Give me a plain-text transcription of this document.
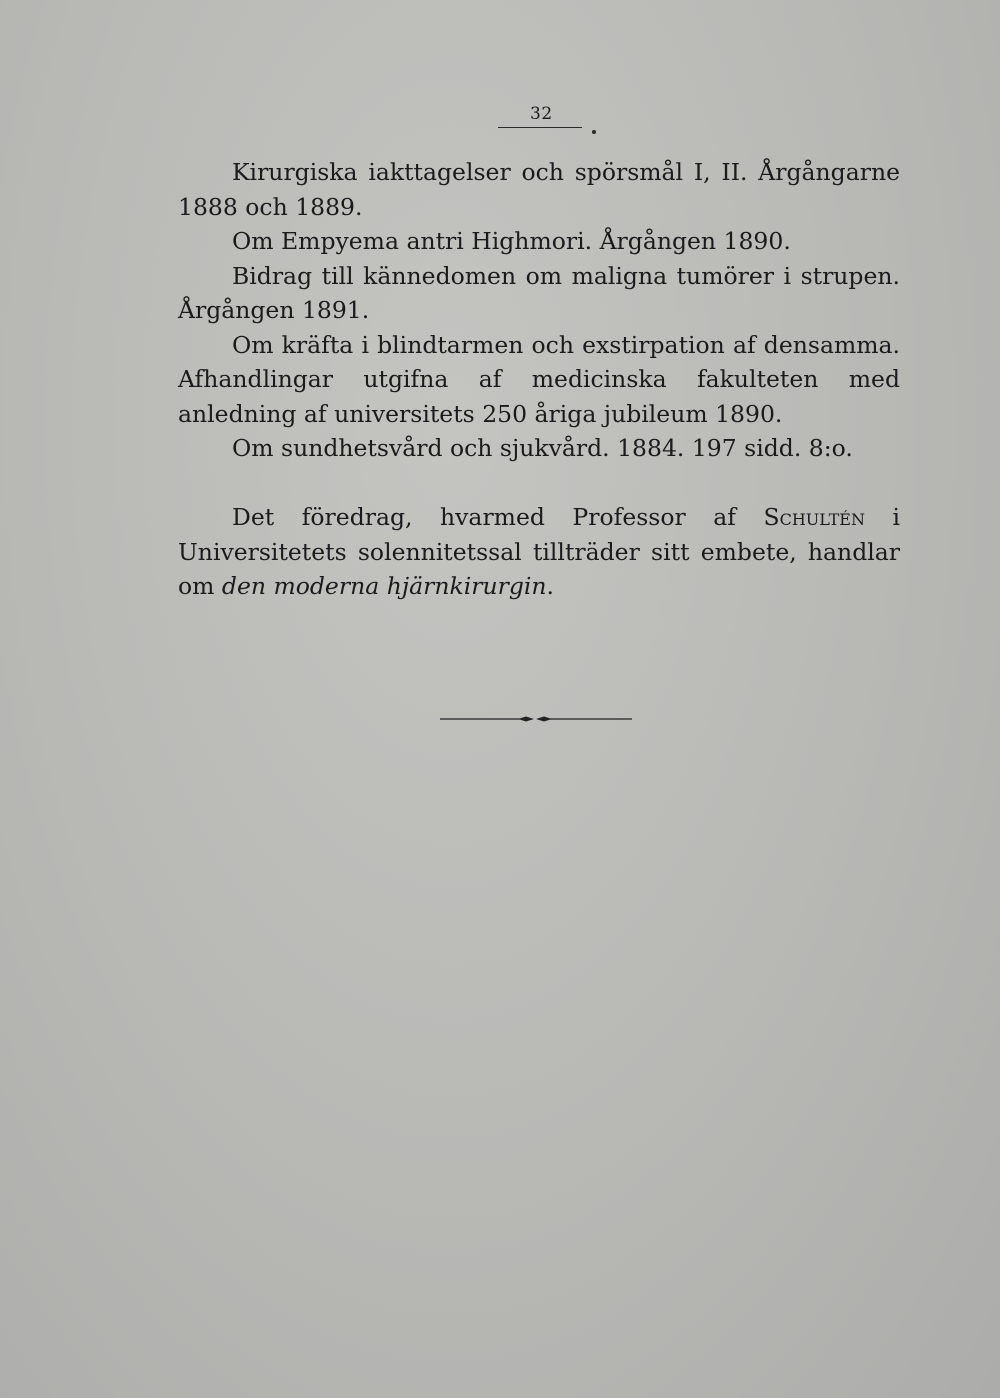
32

Kirurgiska iakttagelser och spörsmål I, II. Årgångarne 1888 och 1889.

Om Empyema antri Highmori. Årgången 1890.

Bidrag till kännedomen om maligna tumörer i strupen. Årgången 1891.

Om kräfta i blindtarmen och exstirpation af densamma. Afhandlingar utgifna af medicinska fakulteten med anledning af universitets 250 åriga jubileum 1890.

Om sundhetsvård och sjukvård. 1884. 197 sidd. 8:o.

Det föredrag, hvarmed Professor af Schultén i Universitetets solennitetssal tillträder sitt embete, handlar om den moderna hjärnkirurgin.
